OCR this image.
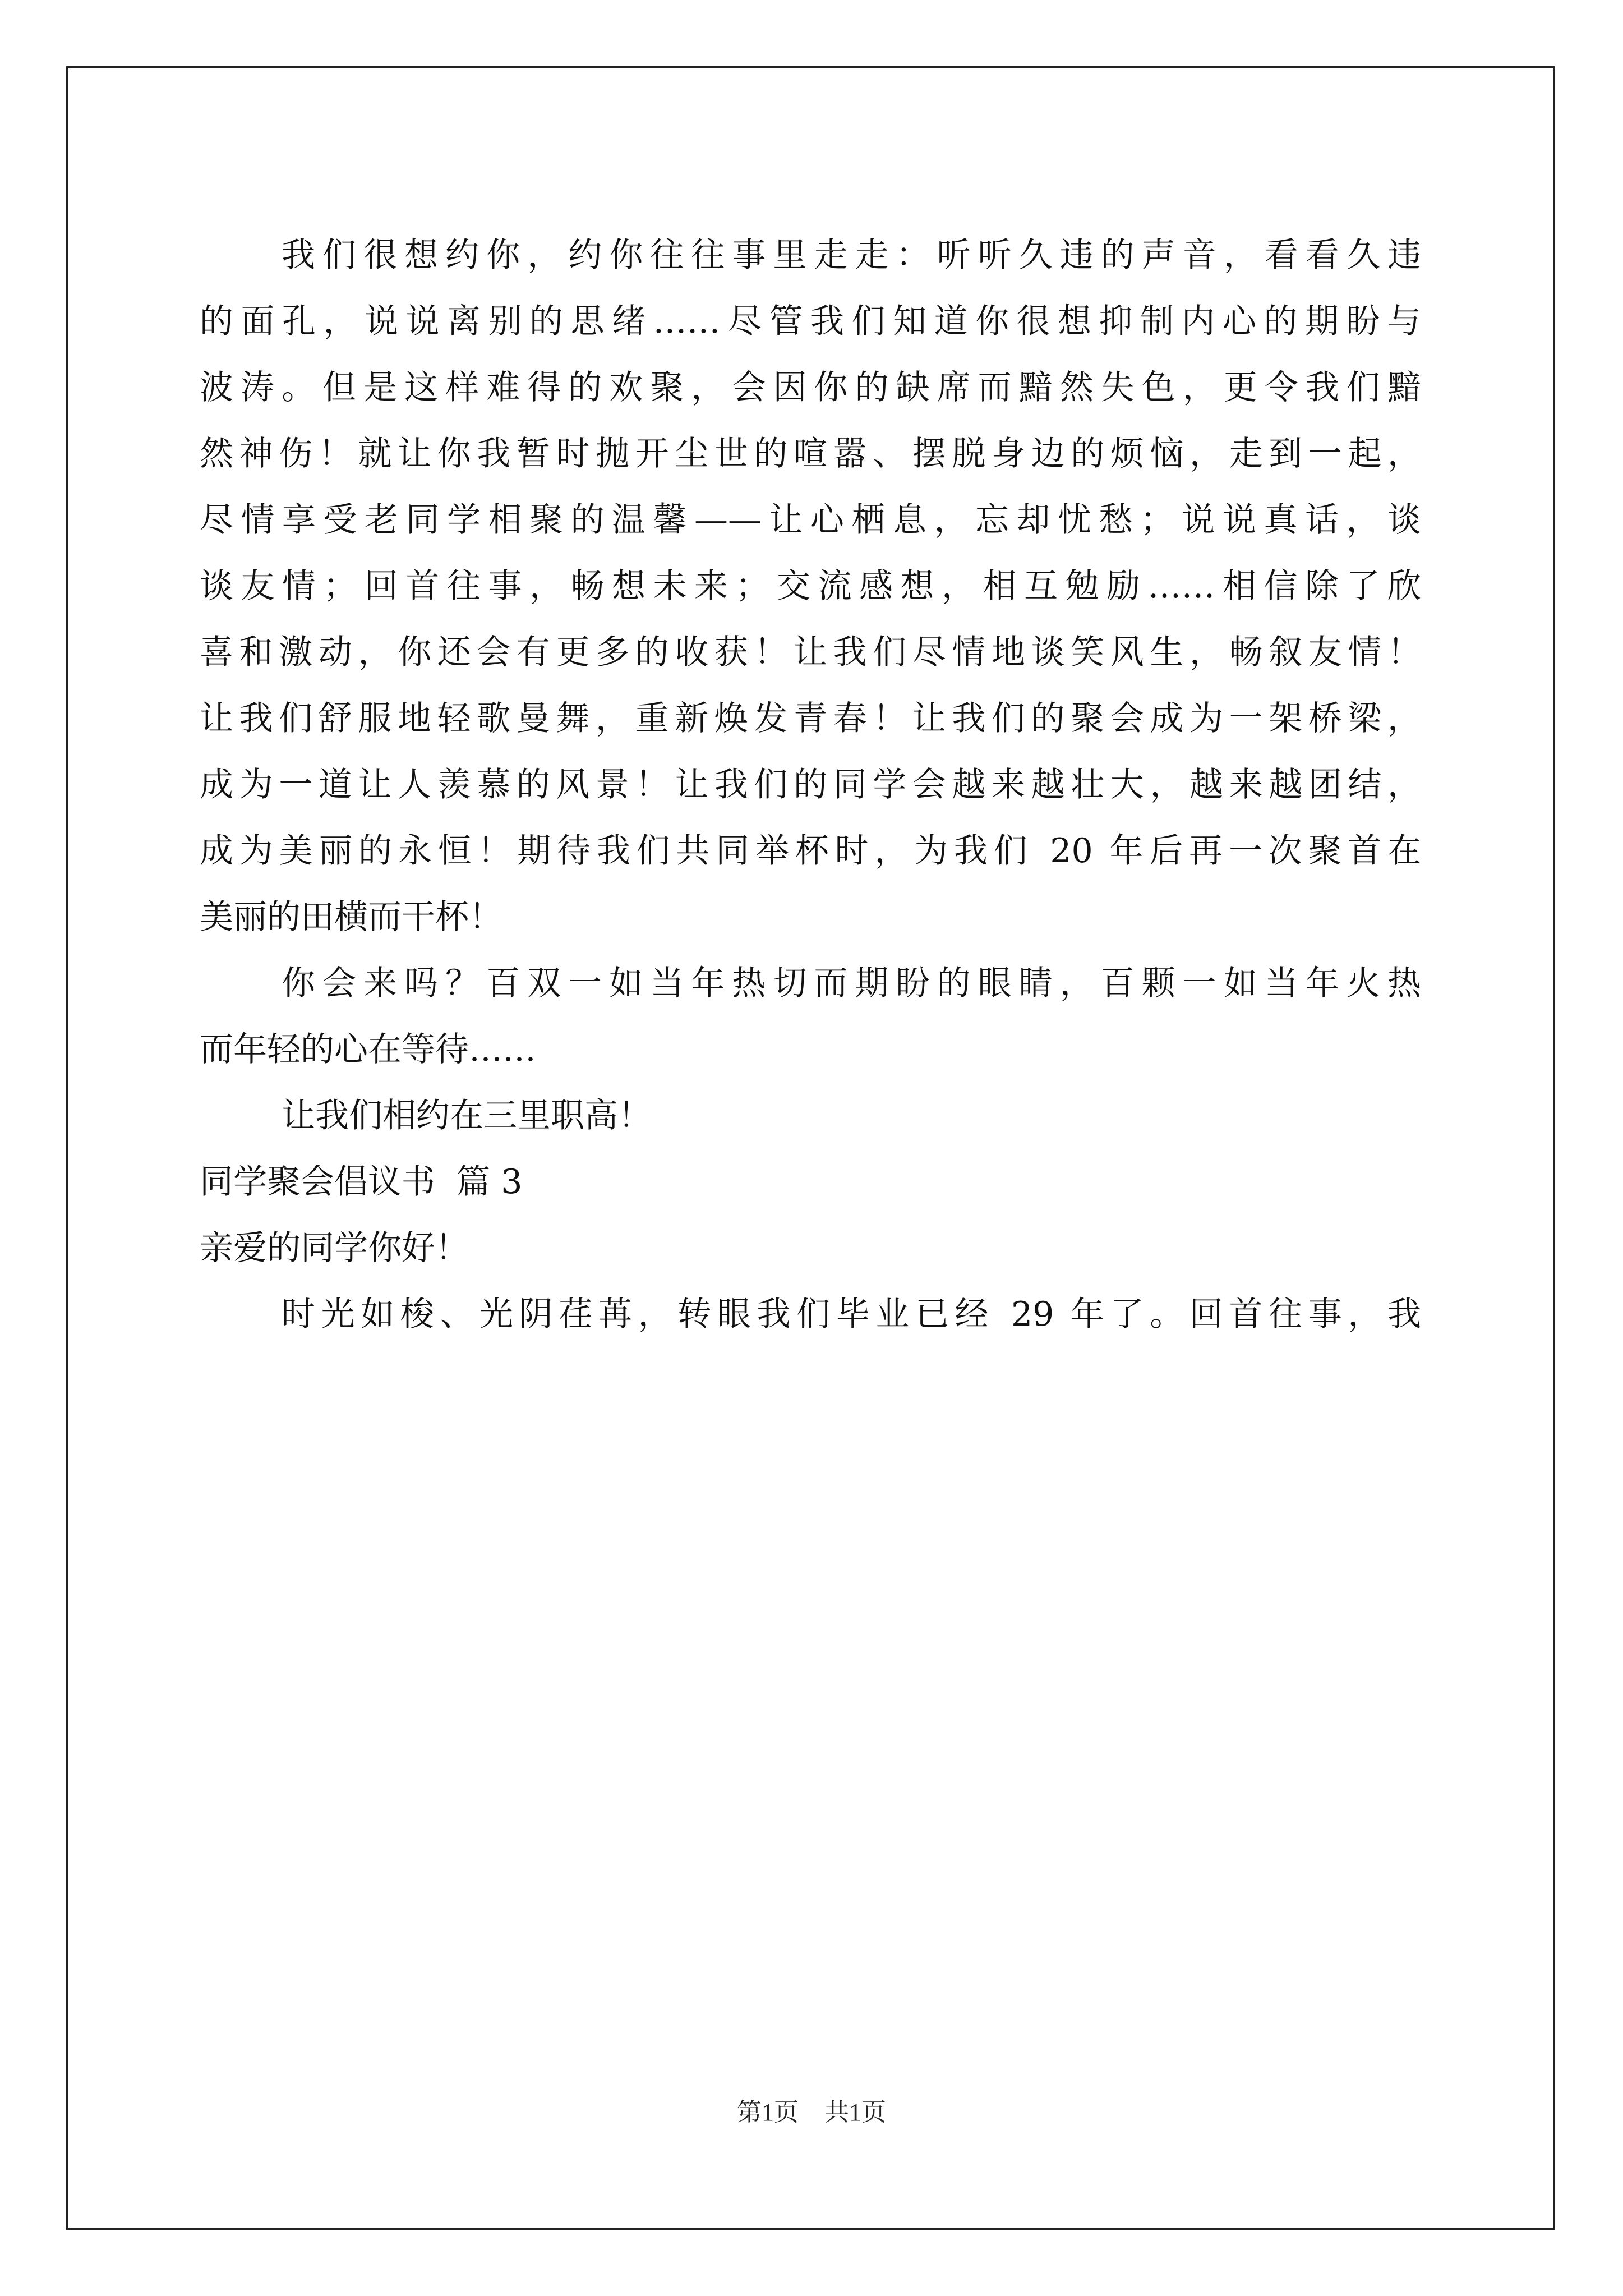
我们很想约你，约你往往事里走走：听听久违的声音，看看久违
的面孔，说说离别的思绪……尽管我们知道你很想抑制内心的期盼与
波涛。但是这样难得的欢聚，会因你的缺席而黯然失色，更令我们黯
然神伤！就让你我暂时抛开尘世的喧嚣、摆脱身边的烦恼，走到一起，
尽情享受老同学相聚的温馨——让心栖息，忘却忧愁；说说真话，谈
谈友情；回首往事，畅想未来；交流感想，相互勉励……相信除了欣
喜和激动，你还会有更多的收获！让我们尽情地谈笑风生，畅叙友情！
让我们舒服地轻歌曼舞，重新焕发青春！让我们的聚会成为一架桥梁，
成为一道让人羡慕的风景！让我们的同学会越来越壮大，越来越团结，
成为美丽的永恒！期待我们共同举杯时，为我们 20 年后再一次聚首在
美丽的田横而干杯！
你会来吗？百双一如当年热切而期盼的眼睛，百颗一如当年火热
而年轻的心在等待……
让我们相约在三里职高！
同学聚会倡议书  篇 3
亲爱的同学你好！
时光如梭、光阴荏苒，转眼我们毕业已经 29 年了。回首往事，我
第1页 共1页
